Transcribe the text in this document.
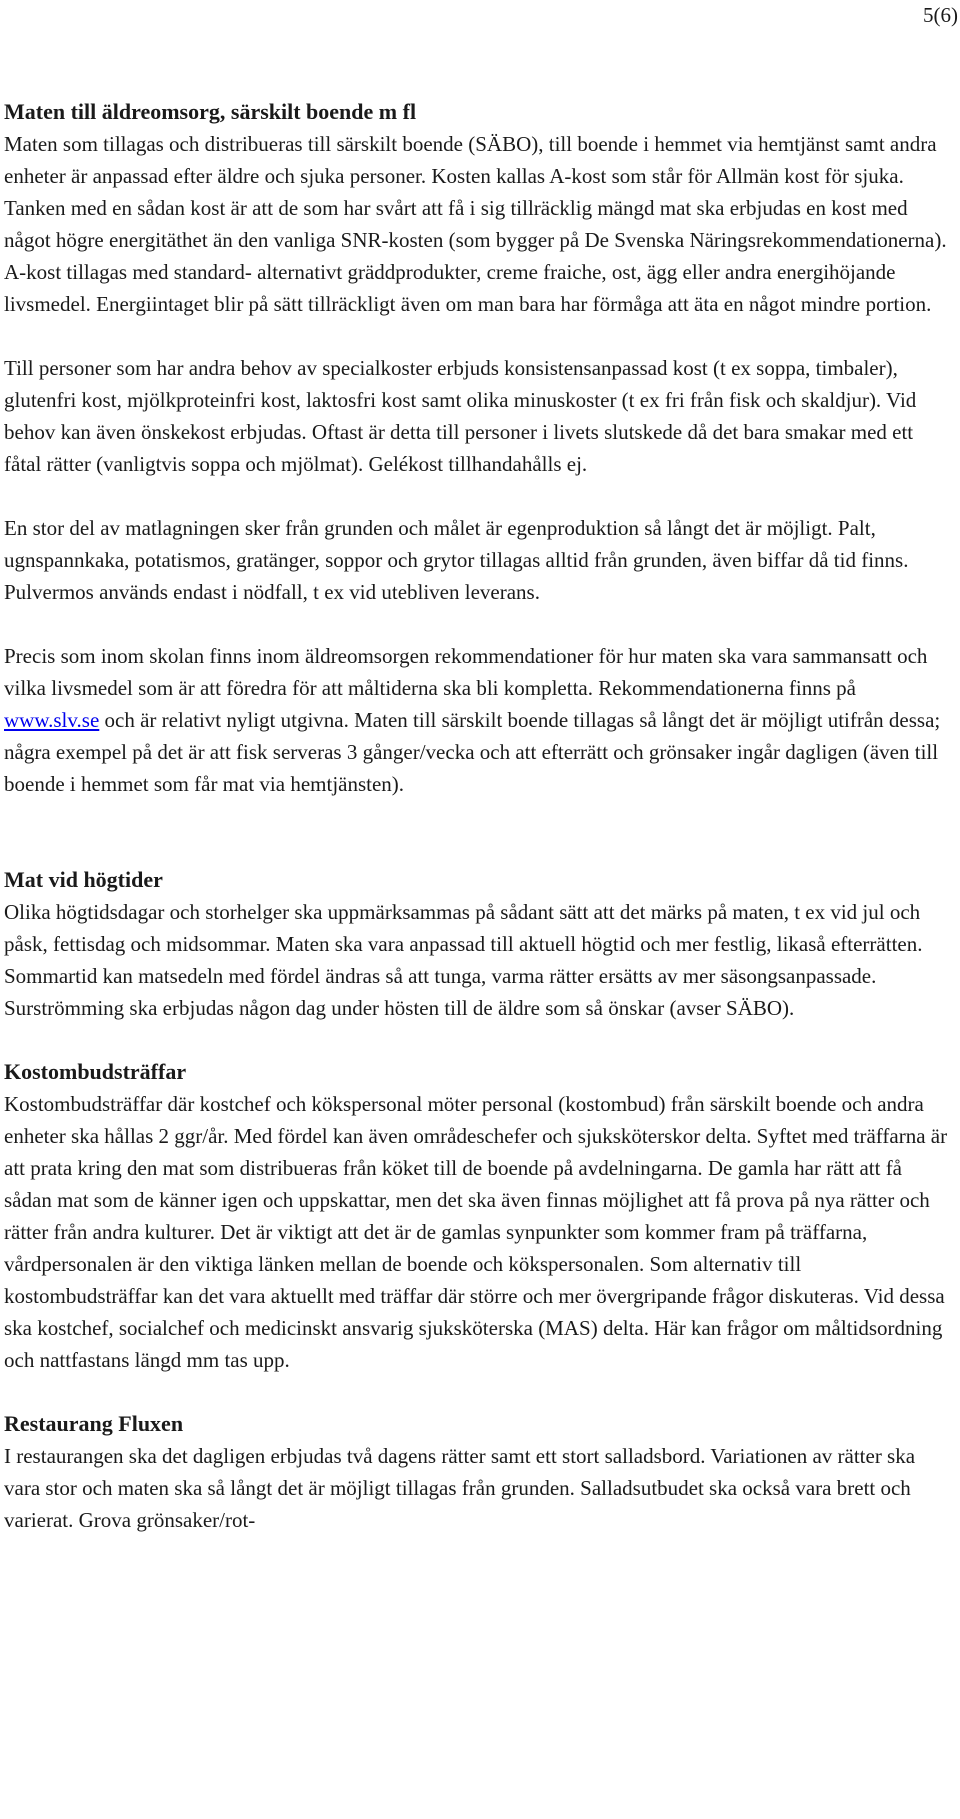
5(6)
Maten till äldreomsorg, särskilt boende m fl

Maten som tillagas och distribueras till särskilt boende (SÄBO), till boende i hemmet via hemtjänst samt andra enheter är anpassad efter äldre och sjuka personer. Kosten kallas A-kost som står för Allmän kost för sjuka. Tanken med en sådan kost är att de som har svårt att få i sig tillräcklig mängd mat ska erbjudas en kost med något högre energitäthet än den vanliga SNR-kosten (som bygger på De Svenska Näringsrekommendationerna). A-kost tillagas med standard- alternativt gräddprodukter, creme fraiche, ost, ägg eller andra energihöjande livsmedel. Energiintaget blir på sätt tillräckligt även om man bara har förmåga att äta en något mindre portion.

Till personer som har andra behov av specialkoster erbjuds konsistensanpassad kost (t ex soppa, timbaler), glutenfri kost, mjölkproteinfri kost, laktosfri kost samt olika minuskoster (t ex fri från fisk och skaldjur). Vid behov kan även önskekost erbjudas. Oftast är detta till personer i livets slutskede då det bara smakar med ett fåtal rätter (vanligtvis soppa och mjölmat). Gelékost tillhandahålls ej.

En stor del av matlagningen sker från grunden och målet är egenproduktion så långt det är möjligt. Palt, ugnspannkaka, potatismos, gratänger, soppor och grytor tillagas alltid från grunden, även biffar då tid finns. Pulvermos används endast i nödfall, t ex vid utebliven leverans.

Precis som inom skolan finns inom äldreomsorgen rekommendationer för hur maten ska vara sammansatt och vilka livsmedel som är att föredra för att måltiderna ska bli kompletta. Rekommendationerna finns på www.slv.se och är relativt nyligt utgivna. Maten till särskilt boende tillagas så långt det är möjligt utifrån dessa; några exempel på det är att fisk serveras 3 gånger/vecka och att efterrätt och grönsaker ingår dagligen (även till boende i hemmet som får mat via hemtjänsten).

Mat vid högtider

Olika högtidsdagar och storhelger ska uppmärksammas på sådant sätt att det märks på maten, t ex vid jul och påsk, fettisdag och midsommar. Maten ska vara anpassad till aktuell högtid och mer festlig, likaså efterrätten. Sommartid kan matsedeln med fördel ändras så att tunga, varma rätter ersätts av mer säsongsanpassade. Surströmming ska erbjudas någon dag under hösten till de äldre som så önskar (avser SÄBO).

Kostombudsträffar

Kostombudsträffar där kostchef och kökspersonal möter personal (kostombud) från särskilt boende och andra enheter ska hållas 2 ggr/år. Med fördel kan även områdeschefer och sjuksköterskor delta. Syftet med träffarna är att prata kring den mat som distribueras från köket till de boende på avdelningarna. De gamla har rätt att få sådan mat som de känner igen och uppskattar, men det ska även finnas möjlighet att få prova på nya rätter och rätter från andra kulturer. Det är viktigt att det är de gamlas synpunkter som kommer fram på träffarna, vårdpersonalen är den viktiga länken mellan de boende och kökspersonalen. Som alternativ till kostombudsträffar kan det vara aktuellt med träffar där större och mer övergripande frågor diskuteras. Vid dessa ska kostchef, socialchef och medicinskt ansvarig sjuksköterska (MAS) delta. Här kan frågor om måltidsordning och nattfastans längd mm tas upp.

Restaurang Fluxen

I restaurangen ska det dagligen erbjudas två dagens rätter samt ett stort salladsbord. Variationen av rätter ska vara stor och maten ska så långt det är möjligt tillagas från grunden. Salladsutbudet ska också vara brett och varierat. Grova grönsaker/rot-
